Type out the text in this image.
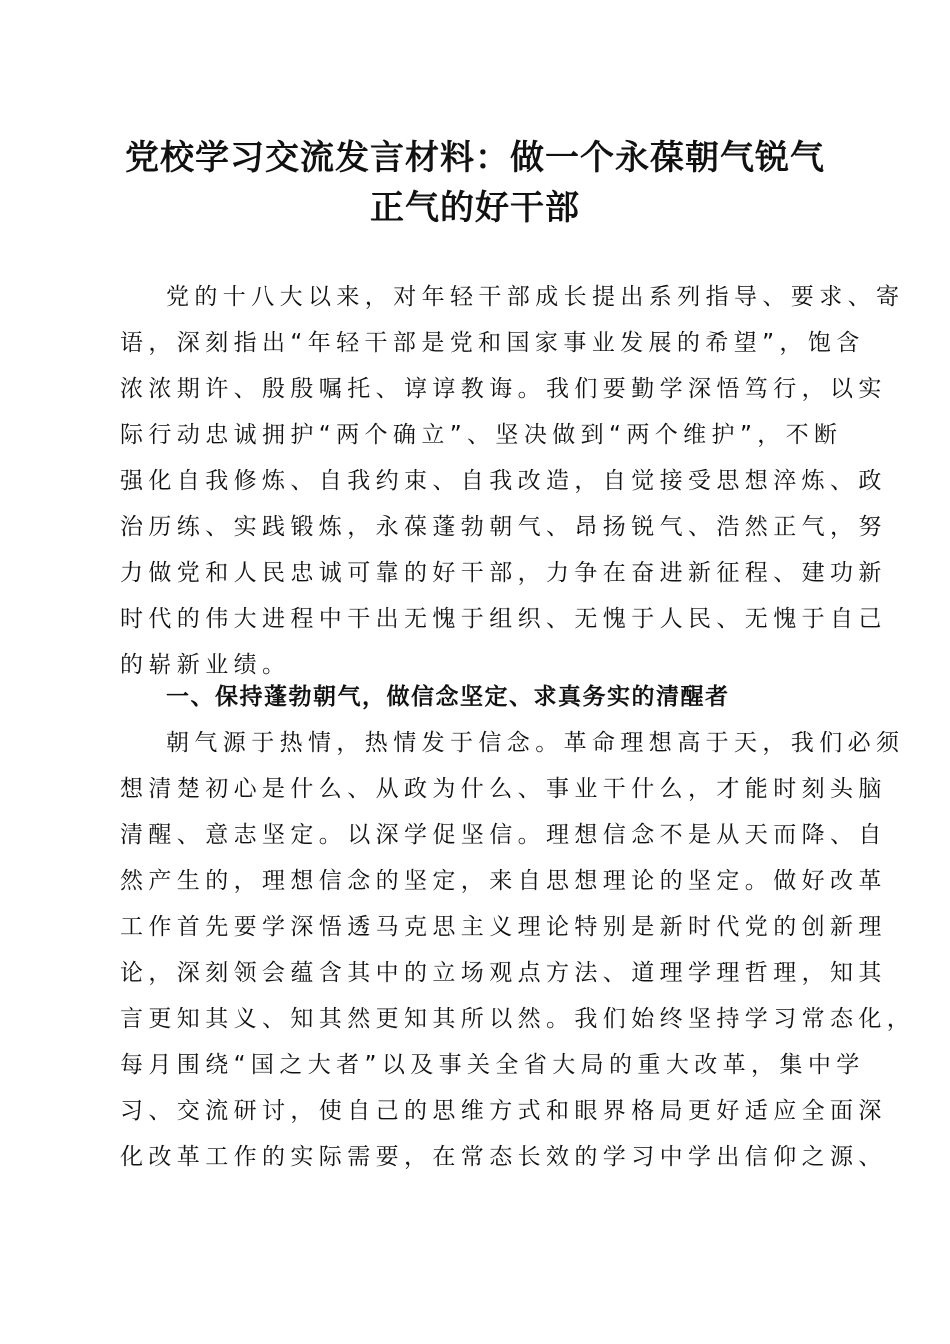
党校学习交流发言材料：做一个永葆朝气锐气
正气的好干部
党的十八大以来，对年轻干部成长提出系列指导、要求、寄
语，深刻指出“年轻干部是党和国家事业发展的希望”，饱含
浓浓期许、殷殷嘱托、谆谆教诲。我们要勤学深悟笃行，以实
际行动忠诚拥护“两个确立”、坚决做到“两个维护”，不断
强化自我修炼、自我约束、自我改造，自觉接受思想淬炼、政
治历练、实践锻炼，永葆蓬勃朝气、昂扬锐气、浩然正气，努
力做党和人民忠诚可靠的好干部，力争在奋进新征程、建功新
时代的伟大进程中干出无愧于组织、无愧于人民、无愧于自己
的崭新业绩。
一、保持蓬勃朝气，做信念坚定、求真务实的清醒者
朝气源于热情，热情发于信念。革命理想高于天，我们必须
想清楚初心是什么、从政为什么、事业干什么，才能时刻头脑
清醒、意志坚定。以深学促坚信。理想信念不是从天而降、自
然产生的，理想信念的坚定，来自思想理论的坚定。做好改革
工作首先要学深悟透马克思主义理论特别是新时代党的创新理
论，深刻领会蕴含其中的立场观点方法、道理学理哲理，知其
言更知其义、知其然更知其所以然。我们始终坚持学习常态化，
每月围绕“国之大者”以及事关全省大局的重大改革，集中学
习、交流研讨，使自己的思维方式和眼界格局更好适应全面深
化改革工作的实际需要，在常态长效的学习中学出信仰之源、
